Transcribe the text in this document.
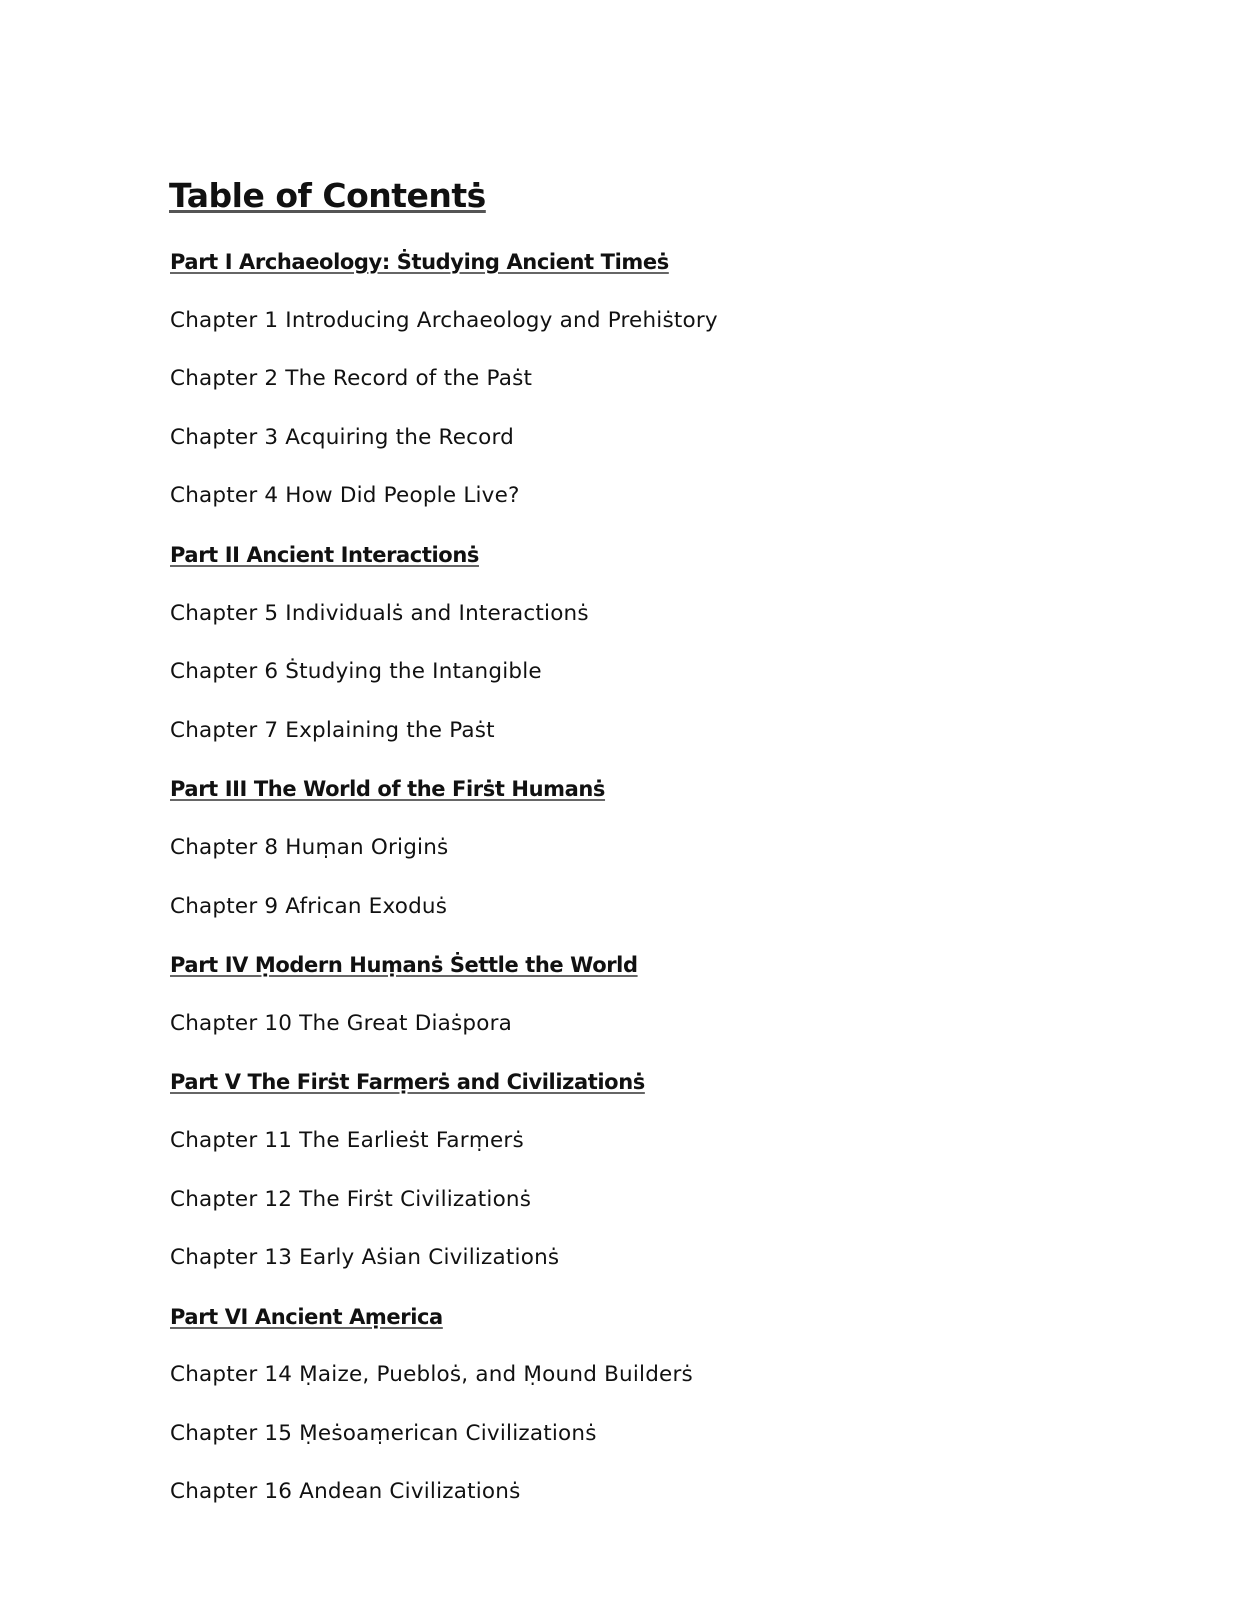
Table of Contentṡ
Part I Archaeology: Ṡtudying Ancient Timeṡ
Chapter 1 Introducing Archaeology and Prehiṡtory
Chapter 2 The Record of the Paṡt
Chapter 3 Acquiring the Record
Chapter 4 How Did People Live?
Part II Ancient Interactionṡ
Chapter 5 Individualṡ and Interactionṡ
Chapter 6 Ṡtudying the Intangible
Chapter 7 Explaining the Paṡt
Part III The World of the Firṡt Humanṡ
Chapter 8 Huṃan Originṡ
Chapter 9 African Exoduṡ
Part IV Ṃodern Huṃanṡ Ṡettle the World
Chapter 10 The Great Diaṡpora
Part V The Firṡt Farṃerṡ and Civilizationṡ
Chapter 11 The Earlieṡt Farṃerṡ
Chapter 12 The Firṡt Civilizationṡ
Chapter 13 Early Aṡian Civilizationṡ
Part VI Ancient Aṃerica
Chapter 14 Ṃaize, Puebloṡ, and Ṃound Builderṡ
Chapter 15 Ṃeṡoaṃerican Civilizationṡ
Chapter 16 Andean Civilizationṡ
